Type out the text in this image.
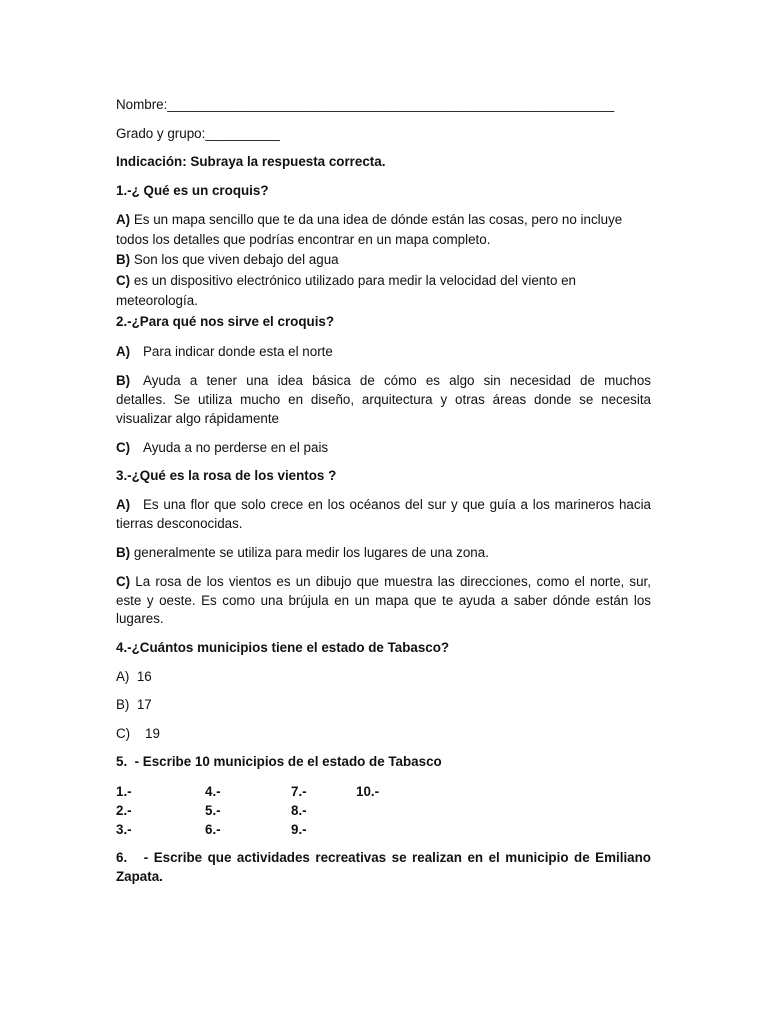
Nombre:____________________________________________________________
Grado y grupo:__________
Indicación: Subraya la respuesta correcta.
1.-¿ Qué es un croquis?
A) Es un mapa sencillo que te da una idea de dónde están las cosas, pero no incluye
todos los detalles que podrías encontrar en un mapa completo.
B) Son los que viven debajo del agua
C) es un dispositivo electrónico utilizado para medir la velocidad del viento en
meteorología.
2.-¿Para qué nos sirve el croquis?
A) Para indicar donde esta el norte
B) Ayuda a tener una idea básica de cómo es algo sin necesidad de muchos
detalles. Se utiliza mucho en diseño, arquitectura y otras áreas donde se necesita
visualizar algo rápidamente
C) Ayuda a no perderse en el pais
3.-¿Qué es la rosa de los vientos ?
A) Es una flor que solo crece en los océanos del sur y que guía a los marineros hacia
tierras desconocidas.
B) generalmente se utiliza para medir los lugares de una zona.
C) La rosa de los vientos es un dibujo que muestra las direcciones, como el norte, sur,
este y oeste. Es como una brújula en un mapa que te ayuda a saber dónde están los
lugares.
4.-¿Cuántos municipios tiene el estado de Tabasco?
A)  16
B)  17
C)    19
5.  - Escribe 10 municipios de el estado de Tabasco
1.-
2.-
3.-
4.-
5.-
6.-
7.-
8.-
9.-
10.-
6.   - Escribe que actividades recreativas se realizan en el municipio de Emiliano
Zapata.
